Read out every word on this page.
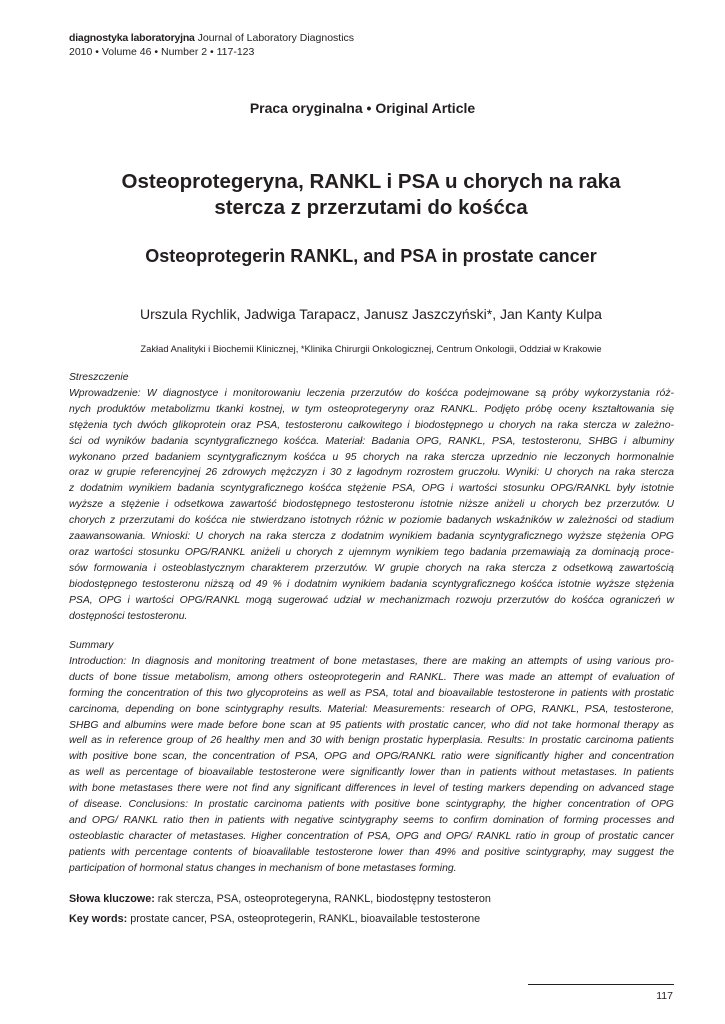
diagnostyka laboratoryjna Journal of Laboratory Diagnostics
2010 • Volume 46 • Number 2 • 117-123
Praca oryginalna • Original Article
Osteoprotegeryna, RANKL i PSA u chorych na raka
stercza z przerzutami do kośćca
Osteoprotegerin RANKL, and PSA in prostate cancer
Urszula Rychlik, Jadwiga Tarapacz, Janusz Jaszczyński*, Jan Kanty Kulpa
Zakład Analityki i Biochemii Klinicznej, *Klinika Chirurgii Onkologicznej, Centrum Onkologii, Oddział w Krakowie

Streszczenie

Wprowadzenie: W diagnostyce i monitorowaniu leczenia przerzutów do kośćca podejmowane są próby wykorzystania róż-
nych produktów metabolizmu tkanki kostnej, w tym osteoprotegeryny oraz RANKL. Podjęto próbę oceny kształtowania się
stężenia tych dwóch glikoprotein oraz PSA, testosteronu całkowitego i biodostępnego u chorych na raka stercza w zależno-
ści od wyników badania scyntygraficznego kośćca. Materiał: Badania OPG, RANKL, PSA, testosteronu, SHBG i albuminy
wykonano przed badaniem scyntygraficznym kośćca u 95 chorych na raka stercza uprzednio nie leczonych hormonalnie
oraz w grupie referencyjnej 26 zdrowych mężczyzn i 30 z łagodnym rozrostem gruczołu. Wyniki: U chorych na raka stercza
z dodatnim wynikiem badania scyntygraficznego kośćca stężenie PSA, OPG i wartości stosunku OPG/RANKL były istotnie
wyższe a stężenie i odsetkowa zawartość biodostępnego testosteronu istotnie niższe aniżeli u chorych bez przerzutów. U
chorych z przerzutami do kośćca nie stwierdzano istotnych różnic w poziomie badanych wskaźników w zależności od stadium
zaawansowania. Wnioski: U chorych na raka stercza z dodatnim wynikiem badania scyntygraficznego wyższe stężenia OPG
oraz wartości stosunku OPG/RANKL aniżeli u chorych z ujemnym wynikiem tego badania przemawiają za dominacją proce-
sów formowania i osteoblastycznym charakterem przerzutów. W grupie chorych na raka stercza z odsetkową zawartością
biodostępnego testosteronu niższą od 49 % i dodatnim wynikiem badania scyntygraficznego kośćca istotnie wyższe stężenia
PSA, OPG i wartości OPG/RANKL mogą sugerować udział w mechanizmach rozwoju przerzutów do kośćca ograniczeń w
dostępności testosteronu.

Summary

Introduction: In diagnosis and monitoring treatment of bone metastases, there are making an attempts of using various pro-
ducts of bone tissue metabolism, among others osteoprotegerin and RANKL. There was made an attempt of evaluation of
forming the concentration of this two glycoproteins as well as PSA, total and bioavailable testosterone in patients with prostatic
carcinoma, depending on bone scintygraphy results. Material: Measurements: research of OPG, RANKL, PSA, testosterone,
SHBG and albumins were made before bone scan at 95 patients with prostatic cancer, who did not take hormonal therapy as
well as in reference group of 26 healthy men and 30 with benign prostatic hyperplasia. Results: In prostatic carcinoma patients
with positive bone scan, the concentration of PSA, OPG and OPG/RANKL ratio were significantly higher and concentration
as well as percentage of bioavailable testosterone were significantly lower than in patients without metastases. In patients
with bone metastases there were not find any significant differences in level of testing markers depending on advanced stage
of disease. Conclusions: In prostatic carcinoma patients with positive bone scintygraphy, the higher concentration of OPG
and OPG/ RANKL ratio then in patients with negative scintygraphy seems to confirm domination of forming processes and
osteoblastic character of metastases. Higher concentration of PSA, OPG and OPG/ RANKL ratio in group of prostatic cancer
patients with percentage contents of bioavalilable testosterone lower than 49% and positive scintygraphy, may suggest the
participation of hormonal status changes in mechanism of bone metastases forming.
Słowa kluczowe: rak stercza, PSA, osteoprotegeryna, RANKL, biodostępny testosteron
Key words: prostate cancer, PSA, osteoprotegerin, RANKL, bioavailable testosterone
117
